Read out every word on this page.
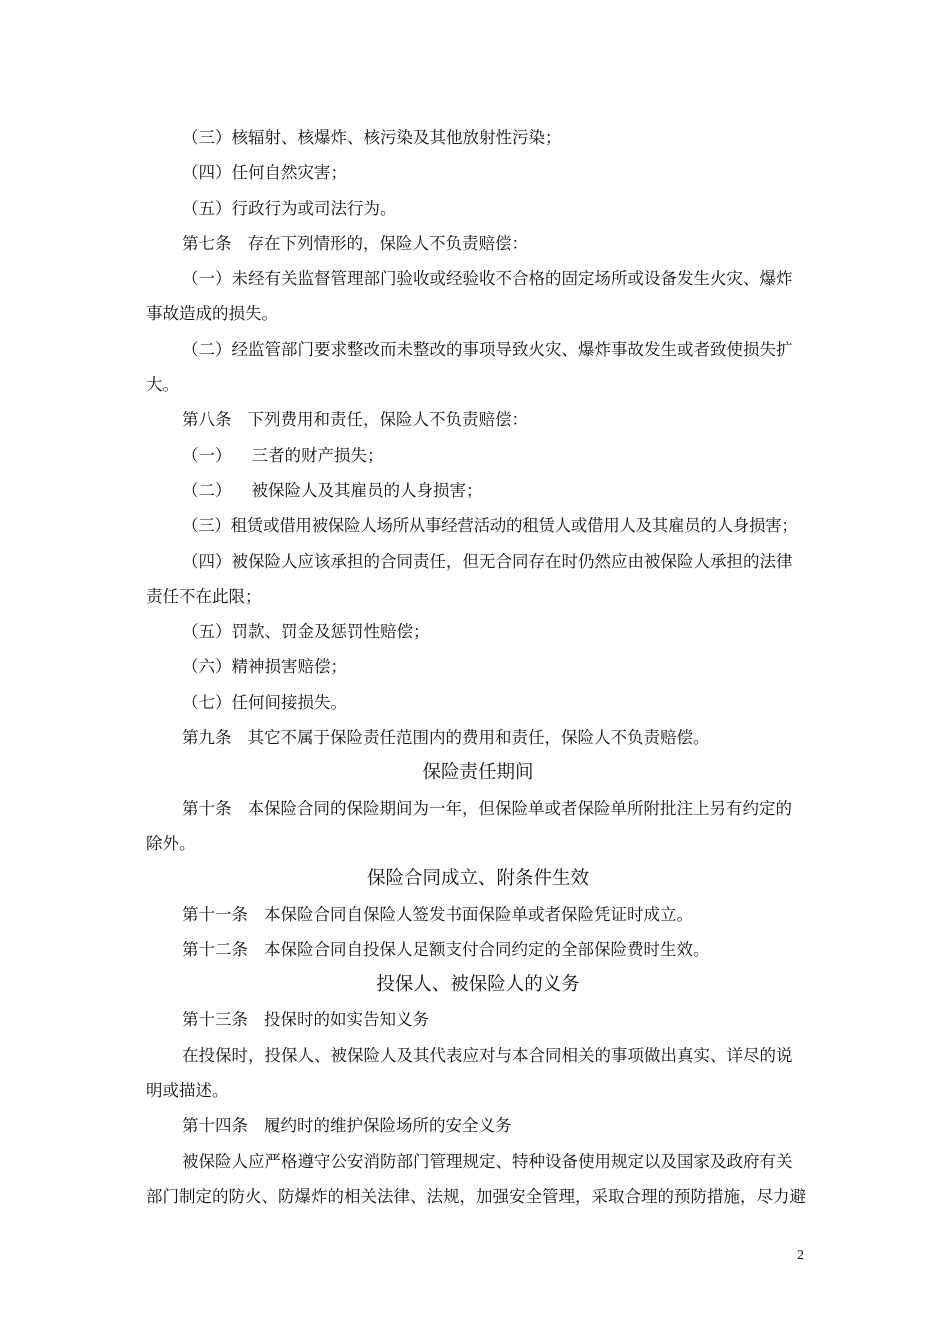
（三）核辐射、核爆炸、核污染及其他放射性污染；
（四）任何自然灾害；
（五）行政行为或司法行为。
第七条 存在下列情形的，保险人不负责赔偿：
（一）未经有关监督管理部门验收或经验收不合格的固定场所或设备发生火灾、爆炸
事故造成的损失。
（二）经监管部门要求整改而未整改的事项导致火灾、爆炸事故发生或者致使损失扩
大。
第八条 下列费用和责任，保险人不负责赔偿：
（一） 三者的财产损失；
（二） 被保险人及其雇员的人身损害；
（三）租赁或借用被保险人场所从事经营活动的租赁人或借用人及其雇员的人身损害；
（四）被保险人应该承担的合同责任，但无合同存在时仍然应由被保险人承担的法律
责任不在此限；
（五）罚款、罚金及惩罚性赔偿；
（六）精神损害赔偿；
（七）任何间接损失。
第九条 其它不属于保险责任范围内的费用和责任，保险人不负责赔偿。
保险责任期间
第十条 本保险合同的保险期间为一年，但保险单或者保险单所附批注上另有约定的
除外。
保险合同成立、附条件生效
第十一条 本保险合同自保险人签发书面保险单或者保险凭证时成立。
第十二条 本保险合同自投保人足额支付合同约定的全部保险费时生效。
投保人、被保险人的义务
第十三条 投保时的如实告知义务
在投保时，投保人、被保险人及其代表应对与本合同相关的事项做出真实、详尽的说
明或描述。
第十四条 履约时的维护保险场所的安全义务
被保险人应严格遵守公安消防部门管理规定、特种设备使用规定以及国家及政府有关
部门制定的防火、防爆炸的相关法律、法规，加强安全管理，采取合理的预防措施，尽力避
2
